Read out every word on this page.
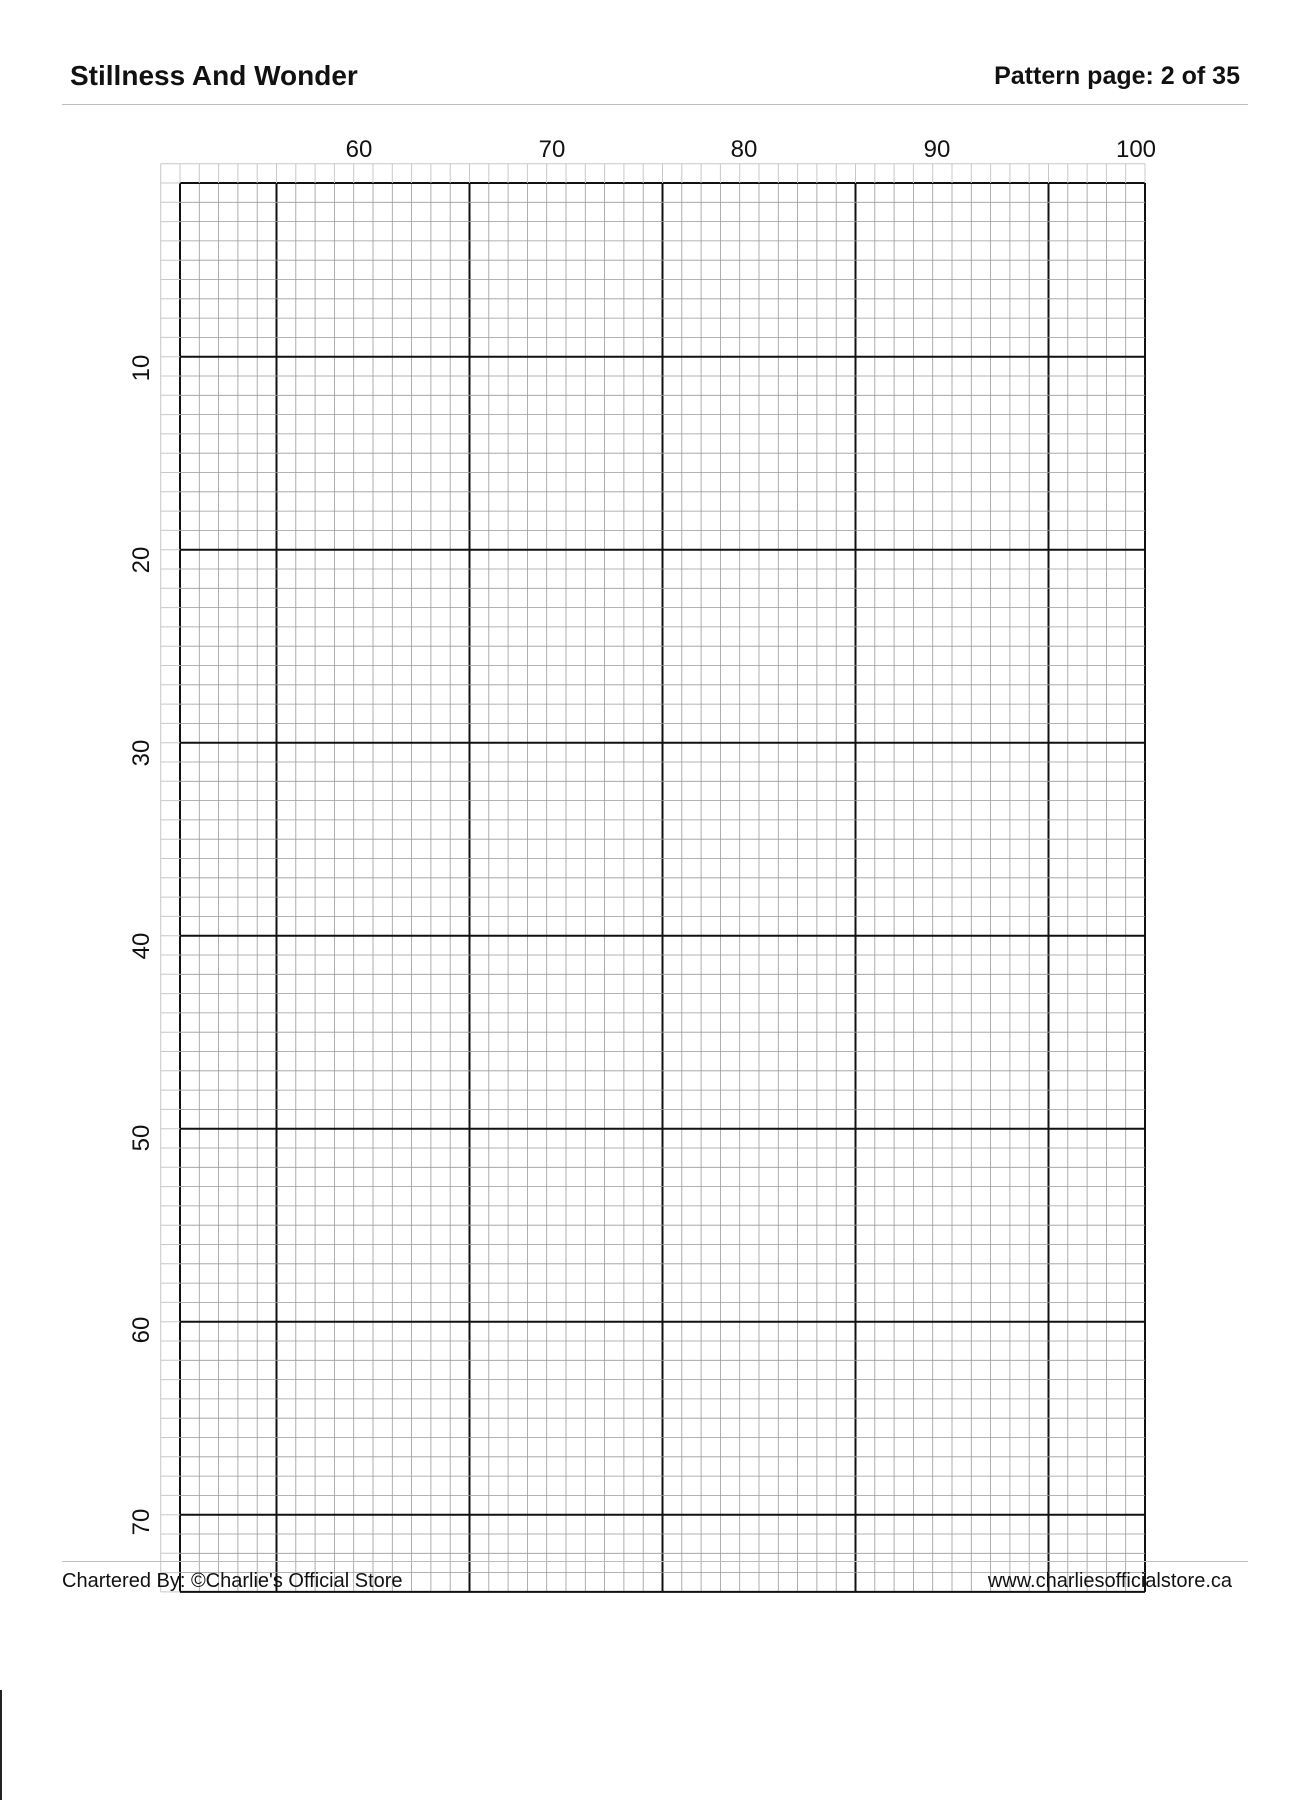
Stillness And Wonder	Pattern page: 2 of 35
60	70	80	90	100
10
20
30
40
50
60
70
Chartered By: ©Charlie's Official Store	www.charliesofficialstore.ca
